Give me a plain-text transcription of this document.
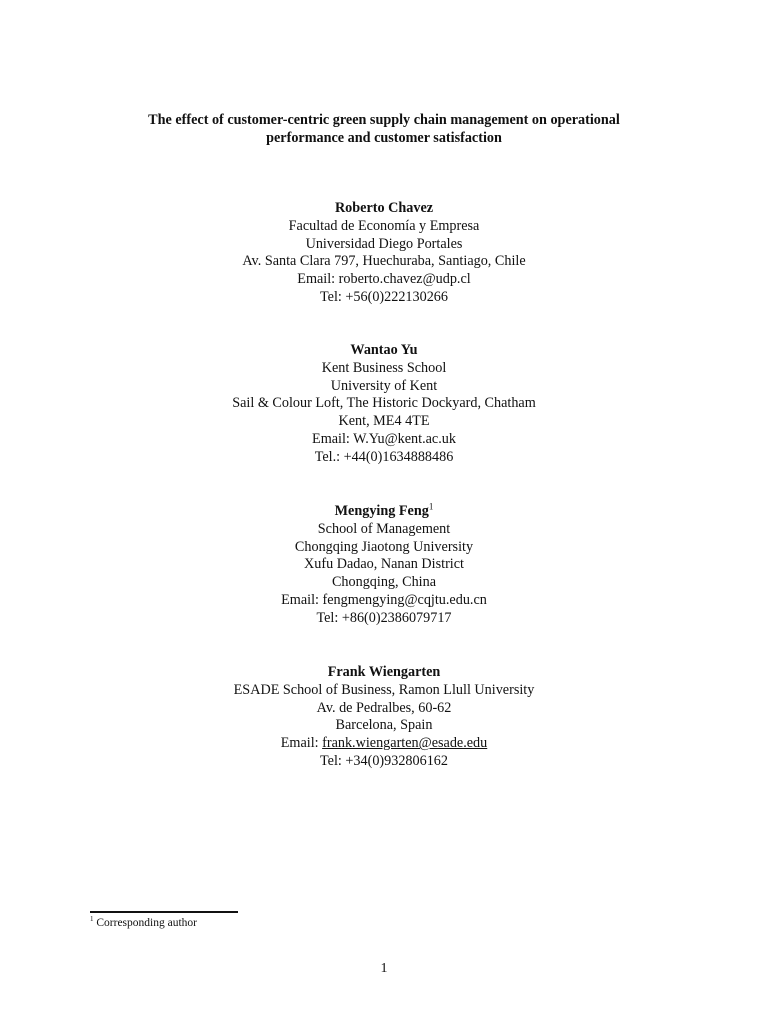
The effect of customer-centric green supply chain management on operational
performance and customer satisfaction
Roberto Chavez
Facultad de Economía y Empresa
Universidad Diego Portales
Av. Santa Clara 797, Huechuraba, Santiago, Chile
Email: roberto.chavez@udp.cl
Tel: +56(0)222130266
Wantao Yu
Kent Business School
University of Kent
Sail & Colour Loft, The Historic Dockyard, Chatham
Kent, ME4 4TE
Email: W.Yu@kent.ac.uk
Tel.: +44(0)1634888486
Mengying Feng$^1$
School of Management
Chongqing Jiaotong University
Xufu Dadao, Nanan District
Chongqing, China
Email: fengmengying@cqjtu.edu.cn
Tel: +86(0)2386079717
Frank Wiengarten
ESADE School of Business, Ramon Llull University
Av. de Pedralbes, 60-62
Barcelona, Spain
Email: frank.wiengarten@esade.edu
Tel: +34(0)932806162
$^1$ Corresponding author
1
